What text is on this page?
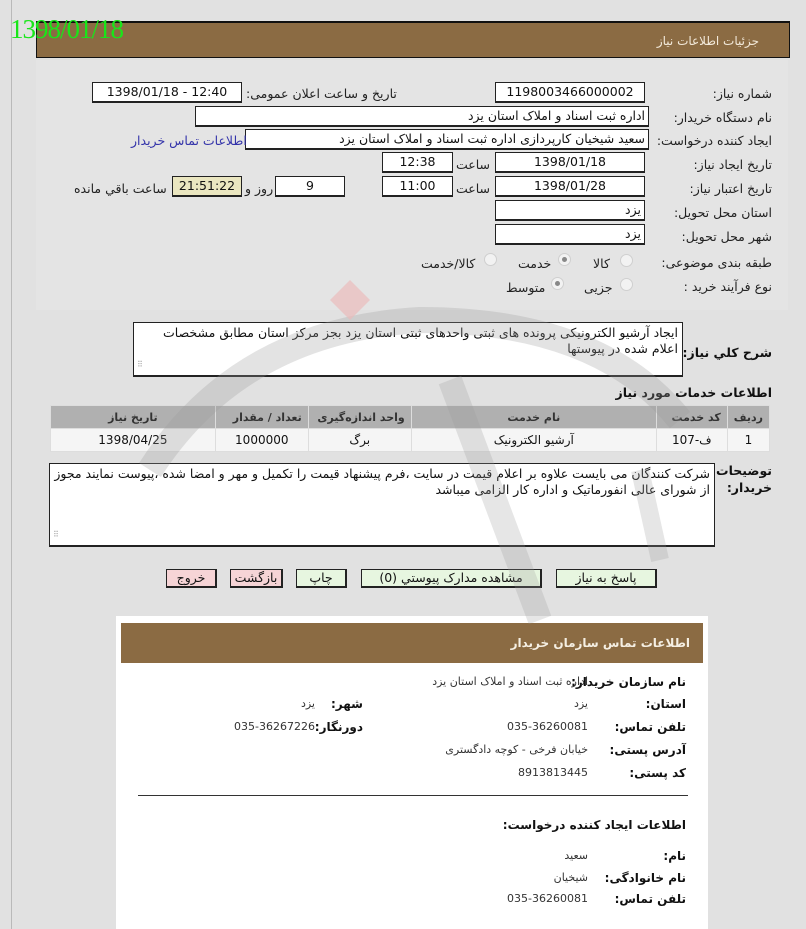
1398/01/18	جزئیات اطلاعات نیاز
شماره نیاز:
1198003466000002
تاریخ و ساعت اعلان عمومی:
1398/01/18 - 12:40
نام دستگاه خریدار:
اداره ثبت اسناد و املاک استان یزد
ایجاد کننده درخواست:
سعید شیخیان کارپردازی اداره ثبت اسناد و املاک استان یزد
اطلاعات تماس خریدار
تاریخ ایجاد نیاز:
1398/01/18
ساعت
12:38
تاریخ اعتبار نیاز:
1398/01/28
ساعت
11:00
9
روز و
21:51:22
ساعت باقي مانده
استان محل تحویل:
یزد
شهر محل تحویل:
یزد
طبقه بندی موضوعی:
کالا
خدمت
کالا/خدمت
نوع فرآیند خرید :
جزیی
متوسط
شرح کلي نیاز:
ایجاد آرشیو الکترونیکی پرونده های ثبتی واحدهای ثبتی استان یزد بجز مرکز استان مطابق مشخصات اعلام شده در پیوستها
⠿
اطلاعات خدمات مورد نیاز
ردیف	کد خدمت	نام خدمت	واحد اندازه‌گیری	تعداد / مقدار	تاریخ نیاز
1	ف-107	آرشیو الکترونیک	برگ	1000000	1398/04/25
توضیحات خریدار:
شرکت کنندگان می بایست علاوه بر اعلام قیمت در سایت ،فرم پیشنهاد قیمت را تکمیل و مهر و امضا شده ،پیوست نمایند مجوز از شورای عالی انفورماتیک و اداره کار الزامی میباشد
⠿
پاسخ به نیاز
مشاهده مدارک پیوستي (0)
چاپ
بازگشت
خروج
اطلاعات تماس سازمان خریدار
نام سازمان خریدار:
اداره ثبت اسناد و املاک استان یزد
استان:
یزد
شهر:
یزد
تلفن تماس:
035-36260081
دورنگار:
035-36267226
آدرس پستی:
خیابان فرخی - کوچه دادگستری
کد پستی:
8913813445
اطلاعات ایجاد کننده درخواست:
نام:
سعید
نام خانوادگی:
شیخیان
تلفن تماس:
035-36260081
